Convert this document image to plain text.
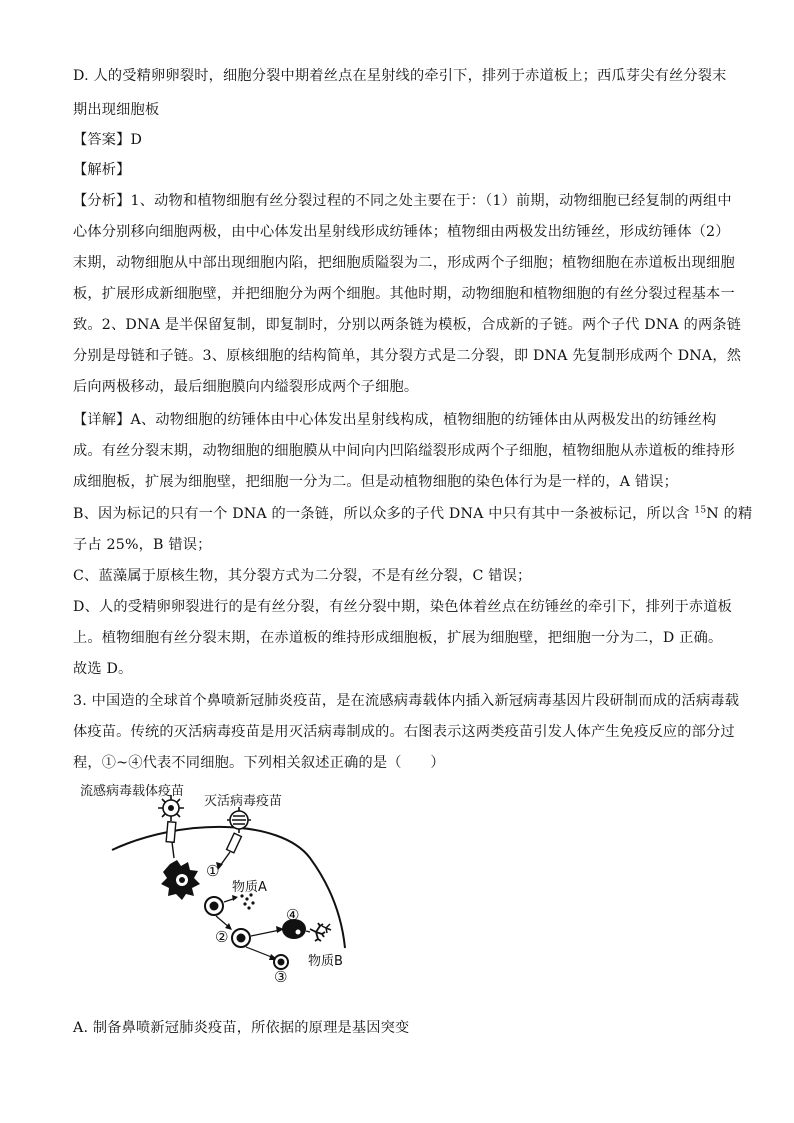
D. 人的受精卵卵裂时，细胞分裂中期着丝点在星射线的牵引下，排列于赤道板上；西瓜芽尖有丝分裂末
期出现细胞板
【答案】D
【解析】
【分析】1、动物和植物细胞有丝分裂过程的不同之处主要在于：（1）前期，动物细胞已经复制的两组中
心体分别移向细胞两极，由中心体发出星射线形成纺锤体；植物细由两极发出纺锤丝，形成纺锤体（2）
末期，动物细胞从中部出现细胞内陷，把细胞质隘裂为二，形成两个子细胞；植物细胞在赤道板出现细胞
板，扩展形成新细胞壁，并把细胞分为两个细胞。其他时期，动物细胞和植物细胞的有丝分裂过程基本一
致。2、DNA 是半保留复制，即复制时，分别以两条链为模板，合成新的子链。两个子代 DNA 的两条链
分别是母链和子链。3、原核细胞的结构简单，其分裂方式是二分裂，即 DNA 先复制形成两个 DNA，然
后向两极移动，最后细胞膜向内缢裂形成两个子细胞。
【详解】A、动物细胞的纺锤体由中心体发出星射线构成，植物细胞的纺锤体由从两极发出的纺锤丝构
成。有丝分裂末期，动物细胞的细胞膜从中间向内凹陷缢裂形成两个子细胞，植物细胞从赤道板的维持形
成细胞板，扩展为细胞壁，把细胞一分为二。但是动植物细胞的染色体行为是一样的，A 错误；
B、因为标记的只有一个 DNA 的一条链，所以众多的子代 DNA 中只有其中一条被标记，所以含 $^{15}$N 的精
子占 25%，B 错误；
C、蓝藻属于原核生物，其分裂方式为二分裂，不是有丝分裂，C 错误；
D、人的受精卵卵裂进行的是有丝分裂，有丝分裂中期，染色体着丝点在纺锤丝的牵引下，排列于赤道板
上。植物细胞有丝分裂末期，在赤道板的维持形成细胞板，扩展为细胞壁，把细胞一分为二，D 正确。
故选 D。
3. 中国造的全球首个鼻喷新冠肺炎疫苗，是在流感病毒载体内插入新冠病毒基因片段研制而成的活病毒载
体疫苗。传统的灭活病毒疫苗是用灭活病毒制成的。右图表示这两类疫苗引发人体产生免疫反应的部分过
程，①~④代表不同细胞。下列相关叙述正确的是（　　）
流感病毒载体疫苗
灭活病毒疫苗
①
物质A
②
④
③
物质B
A. 制备鼻喷新冠肺炎疫苗，所依据的原理是基因突变
